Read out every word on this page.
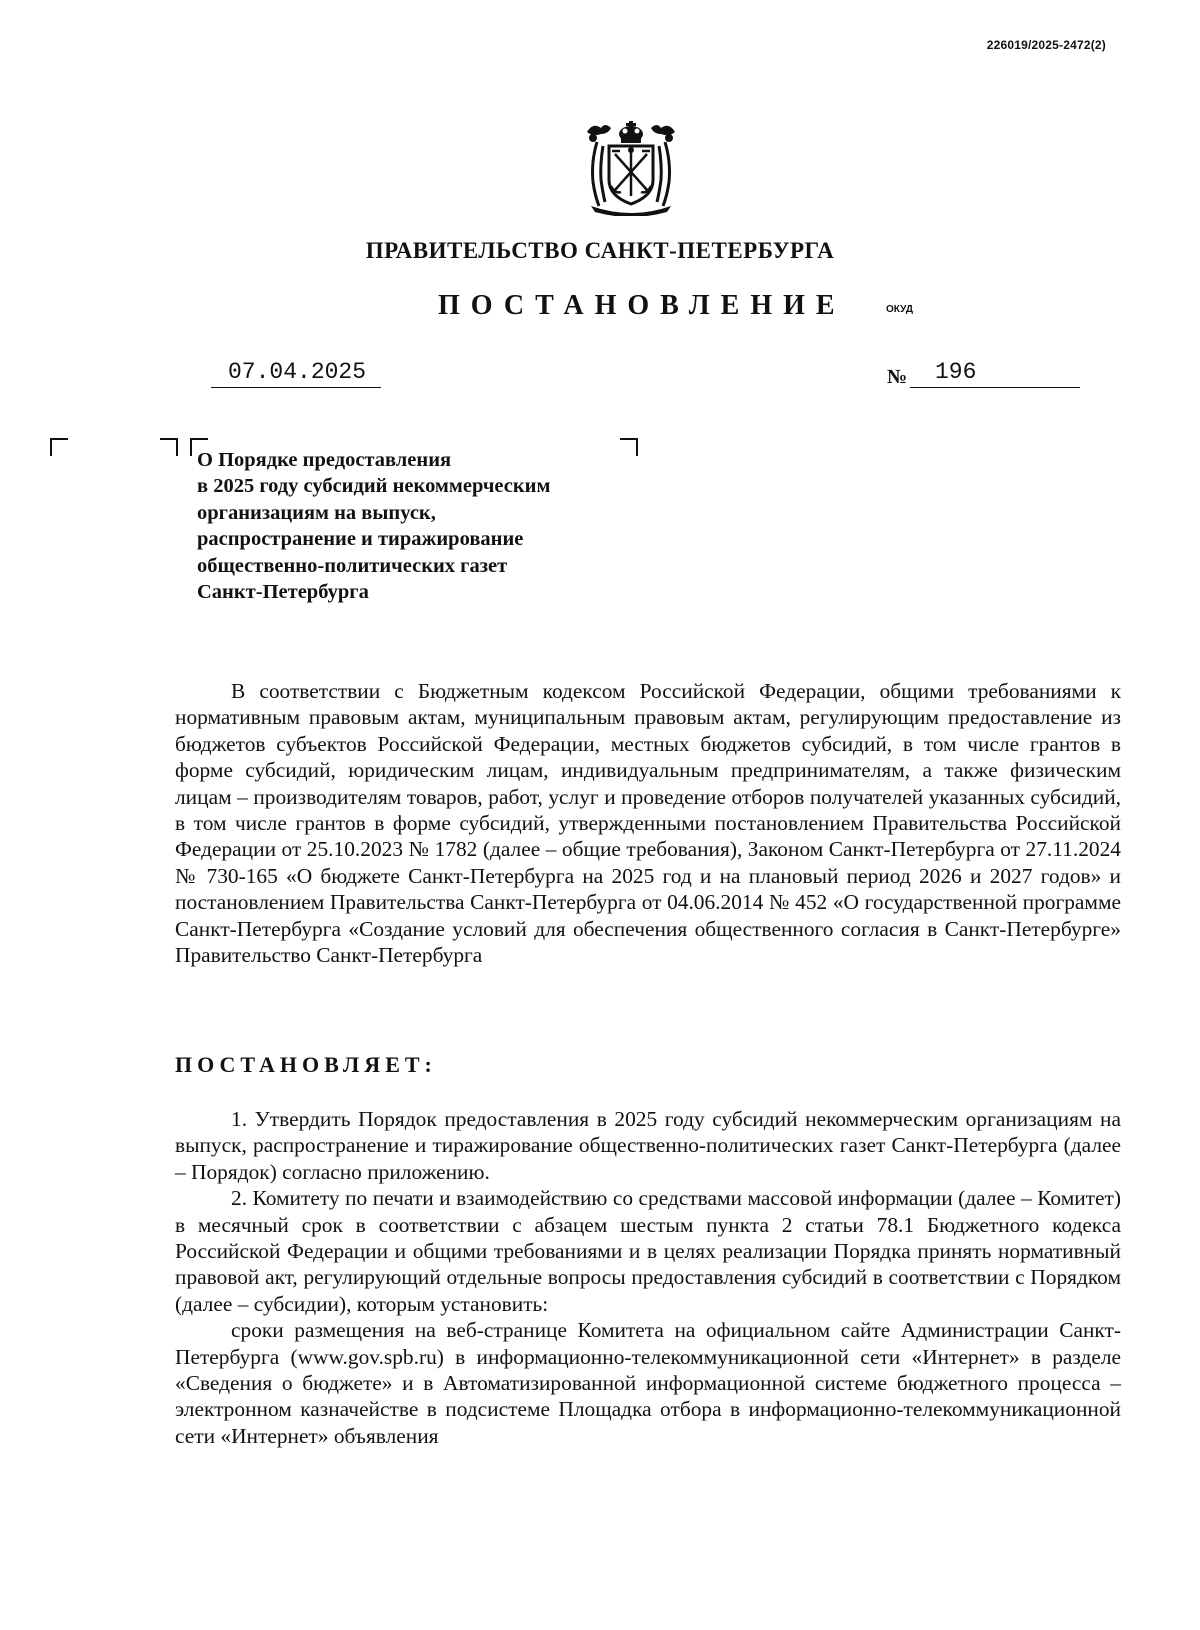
226019/2025-2472(2)
ПРАВИТЕЛЬСТВО САНКТ-ПЕТЕРБУРГА
ПОСТАНОВЛЕНИЕ	ОКУД
07.04.2025	№	196
О Порядке предоставления
в 2025 году субсидий некоммерческим
организациям на выпуск,
распространение и тиражирование
общественно-политических газет
Санкт-Петербурга

В соответствии с Бюджетным кодексом Российской Федерации, общими требованиями к нормативным правовым актам, муниципальным правовым актам, регулирующим предоставление из бюджетов субъектов Российской Федерации, местных бюджетов субсидий, в том числе грантов в форме субсидий, юридическим лицам, индивидуальным предпринимателям, а также физическим лицам – производителям товаров, работ, услуг и проведение отборов получателей указанных субсидий, в том числе грантов в форме субсидий, утвержденными постановлением Правительства Российской Федерации от 25.10.2023 № 1782 (далее – общие требования), Законом Санкт-Петербурга от 27.11.2024 № 730-165 «О бюджете Санкт-Петербурга на 2025 год и на плановый период 2026 и 2027 годов» и постановлением Правительства Санкт-Петербурга от 04.06.2014 № 452 «О государственной программе Санкт-Петербурга «Создание условий для обеспечения общественного согласия в Санкт-Петербурге» Правительство Санкт-Петербурга

ПОСТАНОВЛЯЕТ:

1. Утвердить Порядок предоставления в 2025 году субсидий некоммерческим организациям на выпуск, распространение и тиражирование общественно-политических газет Санкт-Петербурга (далее – Порядок) согласно приложению.

2. Комитету по печати и взаимодействию со средствами массовой информации (далее – Комитет) в месячный срок в соответствии с абзацем шестым пункта 2 статьи 78.1 Бюджетного кодекса Российской Федерации и общими требованиями и в целях реализации Порядка принять нормативный правовой акт, регулирующий отдельные вопросы предоставления субсидий в соответствии с Порядком (далее – субсидии), которым установить:

сроки размещения на веб-странице Комитета на официальном сайте Администрации Санкт-Петербурга (www.gov.spb.ru) в информационно-телекоммуникационной сети «Интернет» в разделе «Сведения о бюджете» и в Автоматизированной информационной системе бюджетного процесса – электронном казначействе в подсистеме Площадка отбора в информационно-телекоммуникационной сети «Интернет» объявления
